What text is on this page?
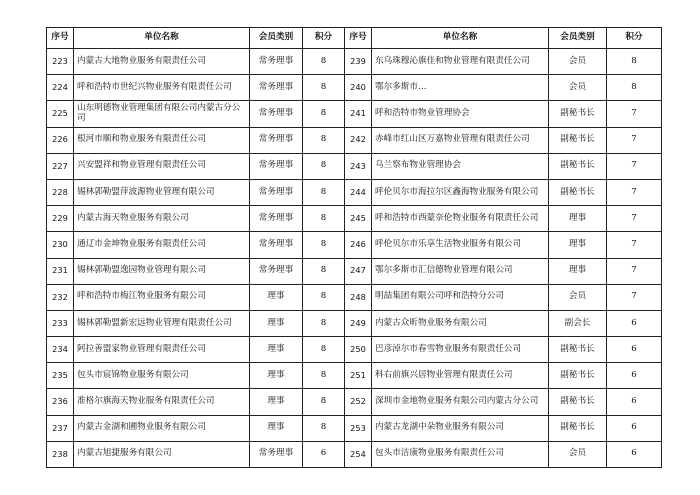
序号	单位名称	会员类别	积分	序号	单位名称	会员类别	积分
223	内蒙古大地物业服务有限责任公司	常务理事	8	239	东乌珠穆沁旗佳和物业管理有限责任公司	会员	8
224	呼和浩特市世纪兴物业服务有限责任公司	常务理事	8	240	鄂尔多斯市…	会员	8
225	山东明德物业管理集团有限公司内蒙古分公司	常务理事	8	241	呼和浩特市物业管理协会	副秘书长	7
226	根河市顺和物业服务有限责任公司	常务理事	8	242	赤峰市红山区万嘉物业管理有限责任公司	副秘书长	7
227	兴安盟祥和物业管理有限责任公司	常务理事	8	243	乌兰察布物业管理协会	副秘书长	7
228	锡林郭勒盟萍波源物业管理有限公司	常务理事	8	244	呼伦贝尔市海拉尔区鑫海物业服务有限公司	副秘书长	7
229	内蒙古海天物业服务有限公司	常务理事	8	245	呼和浩特市西蒙奈伦物业服务有限责任公司	理事	7
230	通辽市金坤物业服务有限责任公司	常务理事	8	246	呼伦贝尔市乐享生活物业服务有限公司	理事	7
231	锡林郭勒盟逸园物业管理有限公司	常务理事	8	247	鄂尔多斯市汇信德物业管理有限公司	理事	7
232	呼和浩特市梅江物业服务有限公司	理事	8	248	明喆集团有限公司呼和浩特分公司	会员	7
233	锡林郭勒盟新宏远物业管理有限责任公司	理事	8	249	内蒙古众昕物业服务有限公司	副会长	6
234	阿拉善盟家物业管理有限责任公司	理事	8	250	巴彦淖尔市春雪物业服务有限责任公司	副秘书长	6
235	包头市宸锦物业服务有限公司	理事	8	251	科右前旗兴居物业管理有限责任公司	副秘书长	6
236	准格尔旗海天物业服务有限责任公司	理事	8	252	深圳市金地物业服务有限公司内蒙古分公司	副秘书长	6
237	内蒙古金湖和圃物业服务有限公司	理事	8	253	内蒙古龙湖中朵物业服务有限公司	副秘书长	6
238	内蒙古旭捷服务有限公司	常务理事	6	254	包头市洁康物业服务有限责任公司	会员	6
